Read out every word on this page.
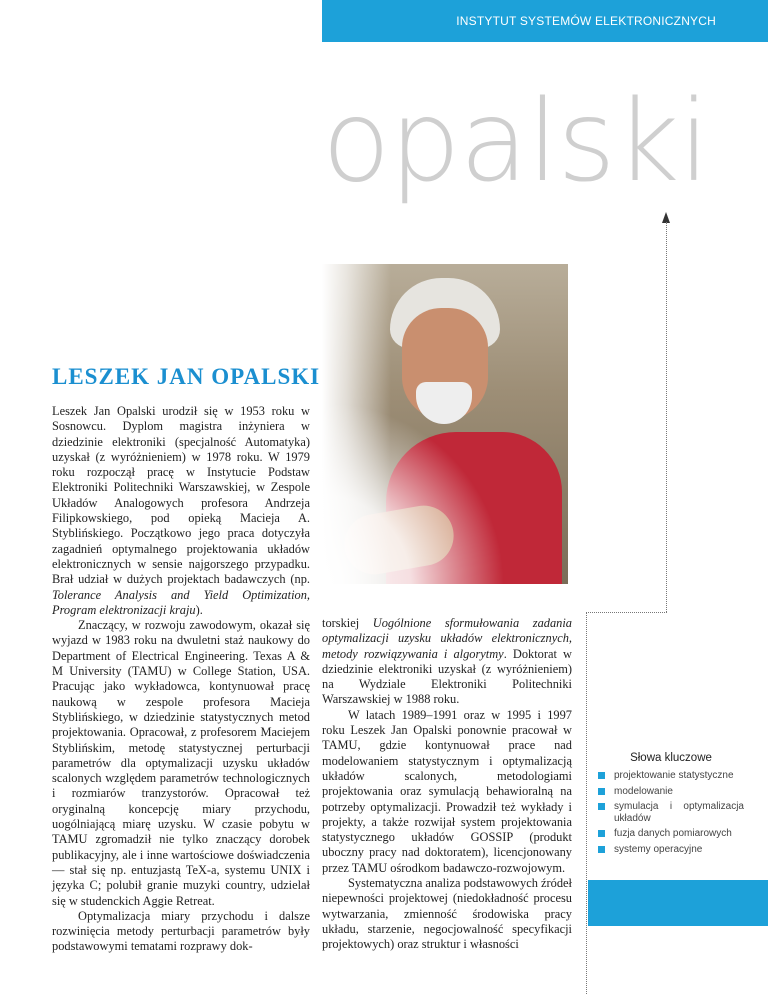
INSTYTUT SYSTEMÓW ELEKTRONICZNYCH
opalski
LESZEK JAN OPALSKI

Leszek Jan Opalski urodził się w 1953 roku w Sosnowcu. Dyplom magistra inżyniera w dziedzinie elektroniki (specjalność Automatyka) uzyskał (z wyróżnieniem) w 1978 roku. W 1979 roku rozpoczął pracę w Instytucie Podstaw Elektroniki Politechniki Warszawskiej, w Zespole Układów Analogowych profesora Andrzeja Filipkowskiego, pod opieką Macieja A. Styblińskiego. Początkowo jego praca dotyczyła zagadnień optymalnego projektowania układów elektronicznych w sensie najgorszego przypadku. Brał udział w dużych projektach badawczych (np. Tolerance Analysis and Yield Optimization, Program elektronizacji kraju).

Znaczący, w rozwoju zawodowym, okazał się wyjazd w 1983 roku na dwuletni staż naukowy do Department of Electrical Engineering. Texas A & M University (TAMU) w College Station, USA. Pracując jako wykładowca, kontynuował pracę naukową w zespole profesora Macieja Styblińskiego, w dziedzinie statystycznych metod projektowania. Opracował, z profesorem Maciejem Styblińskim, metodę statystycznej perturbacji parametrów dla optymalizacji uzysku układów scalonych względem parametrów technologicznych i rozmiarów tranzystorów. Opracował też oryginalną koncepcję miary przychodu, uogólniającą miarę uzysku. W czasie pobytu w TAMU zgromadził nie tylko znaczący dorobek publikacyjny, ale i inne wartościowe doświadczenia — stał się np. entuzjastą TeX-a, systemu UNIX i języka C; polubił granie muzyki country, udzielał się w studenckich Aggie Retreat.

Optymalizacja miary przychodu i dalsze rozwinięcia metody perturbacji parametrów były podstawowymi tematami rozprawy dok-

torskiej Uogólnione sformułowania zadania optymalizacji uzysku układów elektronicznych, metody rozwiązywania i algorytmy. Doktorat w dziedzinie elektroniki uzyskał (z wyróżnieniem) na Wydziale Elektroniki Politechniki Warszawskiej w 1988 roku.

W latach 1989–1991 oraz w 1995 i 1997 roku Leszek Jan Opalski ponownie pracował w TAMU, gdzie kontynuował prace nad modelowaniem statystycznym i optymalizacją układów scalonych, metodologiami projektowania oraz symulacją behawioralną na potrzeby optymalizacji. Prowadził też wykłady i projekty, a także rozwijał system projektowania statystycznego układów GOSSIP (produkt uboczny pracy nad doktoratem), licencjonowany przez TAMU ośrodkom badawczo-rozwojowym.

Systematyczna analiza podstawowych źródeł niepewności projektowej (niedokładność procesu wytwarzania, zmienność środowiska pracy układu, starzenie, negocjowalność specyfikacji projektowych) oraz struktur i własności

Słowa kluczowe
projektowanie statystyczne
modelowanie
symulacja i optymalizacja układów
fuzja danych pomiarowych
systemy operacyjne
